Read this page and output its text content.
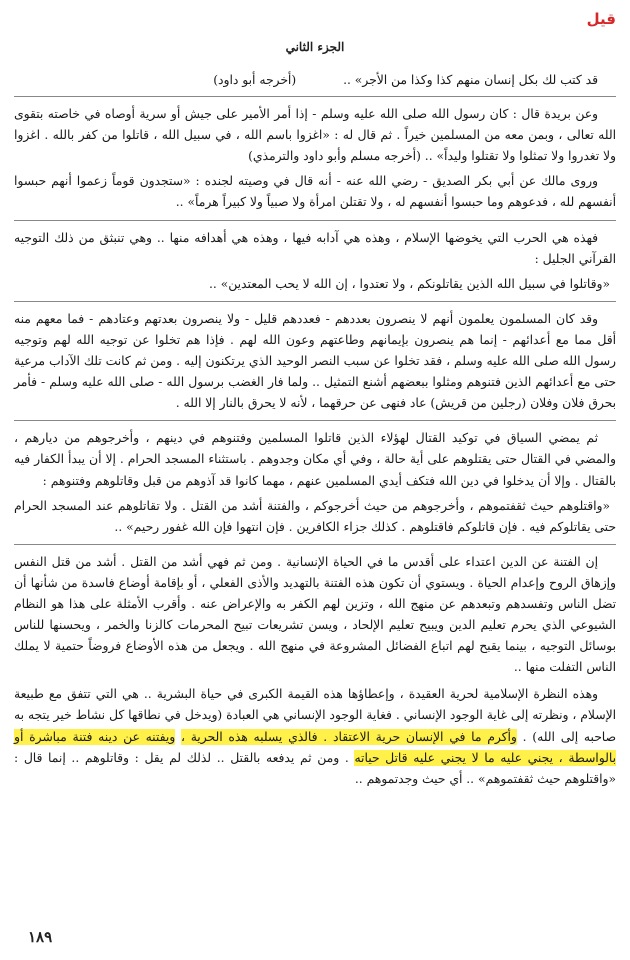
قيل
الجزء الثاني

قد كتب لك بكل إنسان منهم كذا وكذا من الأجر» ..            (أخرجه أبو داود)

وعن بريدة قال : كان رسول الله صلى الله عليه وسلم - إذا أمر الأمير على جيش أو سرية أوصاه في خاصته بتقوى الله تعالى ، وبمن معه من المسلمين خيراً . ثم قال له : «اغزوا باسم الله ، في سبيل الله ، قاتلوا من كفر بالله . اغزوا ولا تغدروا ولا تمثلوا ولا تقتلوا وليداً» .. (أخرجه مسلم وأبو داود والترمذي)

وروى مالك عن أبي بكر الصديق - رضي الله عنه - أنه قال في وصيته لجنده : «ستجدون قوماً زعموا أنهم حبسوا أنفسهم لله ، فدعوهم وما حبسوا أنفسهم له ، ولا تقتلن امرأة ولا صبياً ولا كبيراً هرماً» ..

فهذه هي الحرب التي يخوضها الإسلام ، وهذه هي آدابه فيها ، وهذه هي أهدافه منها .. وهي تنبثق من ذلك التوجيه القرآني الجليل :

«وقاتلوا في سبيل الله الذين يقاتلونكم ، ولا تعتدوا ، إن الله لا يحب المعتدين» ..

وقد كان المسلمون يعلمون أنهم لا ينصرون بعددهم - فعددهم قليل - ولا ينصرون بعدتهم وعتادهم - فما معهم منه أقل مما مع أعدائهم - إنما هم ينصرون بإيمانهم وطاعتهم وعون الله لهم . فإذا هم تخلوا عن توجيه الله لهم وتوجيه رسول الله صلى الله عليه وسلم ، فقد تخلوا عن سبب النصر الوحيد الذي يرتكنون إليه . ومن ثم كانت تلك الآداب مرعية حتى مع أعدائهم الذين فتنوهم ومثلوا ببعضهم أشنع التمثيل .. ولما فار الغضب برسول الله - صلى الله عليه وسلم - فأمر بحرق فلان وفلان (رجلين من قريش) عاد فنهى عن حرقهما ، لأنه لا يحرق بالنار إلا الله .

ثم يمضي السياق في توكيد القتال لهؤلاء الذين قاتلوا المسلمين وفتنوهم في دينهم ، وأخرجوهم من ديارهم ، والمضي في القتال حتى يقتلوهم على أية حالة ، وفي أي مكان وجدوهم . باستثناء المسجد الحرام . إلا أن يبدأ الكفار فيه بالقتال . وإلا أن يدخلوا في دين الله فتكف أيدي المسلمين عنهم ، مهما كانوا قد آذوهم من قبل وقاتلوهم وفتنوهم :

«واقتلوهم حيث ثقفتموهم ، وأخرجوهم من حيث أخرجوكم ، والفتنة أشد من القتل . ولا تقاتلوهم عند المسجد الحرام حتى يقاتلوكم فيه . فإن قاتلوكم فاقتلوهم . كذلك جزاء الكافرين . فإن انتهوا فإن الله غفور رحيم» ..

إن الفتنة عن الدين اعتداء على أقدس ما في الحياة الإنسانية . ومن ثم فهي أشد من القتل . أشد من قتل النفس وإزهاق الروح وإعدام الحياة . ويستوي أن تكون هذه الفتنة بالتهديد والأذى الفعلي ، أو بإقامة أوضاع فاسدة من شأنها أن تضل الناس وتفسدهم وتبعدهم عن منهج الله ، وتزين لهم الكفر به والإعراض عنه . وأقرب الأمثلة على هذا هو النظام الشيوعي الذي يحرم تعليم الدين ويبيح تعليم الإلحاد ، ويسن تشريعات تبيح المحرمات كالزنا والخمر ، ويحسنها للناس بوسائل التوجيه ، بينما يقبح لهم اتباع الفضائل المشروعة في منهج الله . ويجعل من هذه الأوضاع فروضاً حتمية لا يملك الناس التفلت منها ..

وهذه النظرة الإسلامية لحرية العقيدة ، وإعطاؤها هذه القيمة الكبرى في حياة البشرية .. هي التي تتفق مع طبيعة الإسلام ، ونظرته إلى غاية الوجود الإنساني . فغاية الوجود الإنساني هي العبادة (ويدخل في نطاقها كل نشاط خير يتجه به صاحبه إلى الله) . وأكرم ما في الإنسان حرية الاعتقاد . فالذي يسلبه هذه الحرية ، ويفتنه عن دينه فتنة مباشرة أو بالواسطة ، يجني عليه ما لا يجني عليه قاتل حياته . ومن ثم يدفعه بالقتل .. لذلك لم يقل : وقاتلوهم .. إنما قال : «واقتلوهم حيث ثقفتموهم» .. أي حيث وجدتموهم ..

١٨٩
